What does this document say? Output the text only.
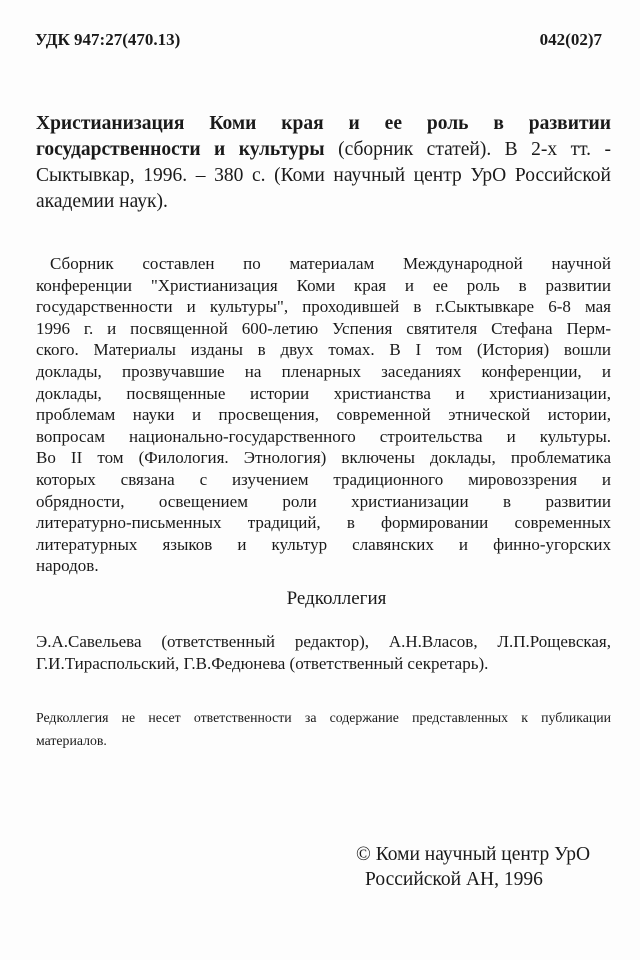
УДК 947:27(470.13)	042(02)7
Христианизация Коми края и ее роль в развитии
государственности и культуры (сборник статей). В 2-х тт. -
Сыктывкар, 1996. – 380 с. (Коми научный центр УрО Российской
академии наук).
Сборник составлен по материалам Международной научной
конференции "Христианизация Коми края и ее роль в развитии
государственности и культуры", проходившей в г.Сыктывкаре 6-8 мая
1996 г. и посвященной 600-летию Успения святителя Стефана Перм-
ского. Материалы изданы в двух томах. В I том (История) вошли
доклады, прозвучавшие на пленарных заседаниях конференции, и
доклады, посвященные истории христианства и христианизации,
проблемам науки и просвещения, современной этнической истории,
вопросам национально-государственного строительства и культуры.
Во II том (Филология. Этнология) включены доклады, проблематика
которых связана с изучением традиционного мировоззрения и
обрядности, освещением роли христианизации в развитии
литературно-письменных традиций, в формировании современных
литературных языков и культур славянских и финно-угорских
народов.
Редколлегия
Э.А.Савельева (ответственный редактор), А.Н.Власов, Л.П.Рощевская,
Г.И.Тираспольский, Г.В.Федюнева (ответственный секретарь).
Редколлегия не несет ответственности за содержание представленных к публикации
материалов.
© Коми научный центр УрО
Российской АН, 1996
